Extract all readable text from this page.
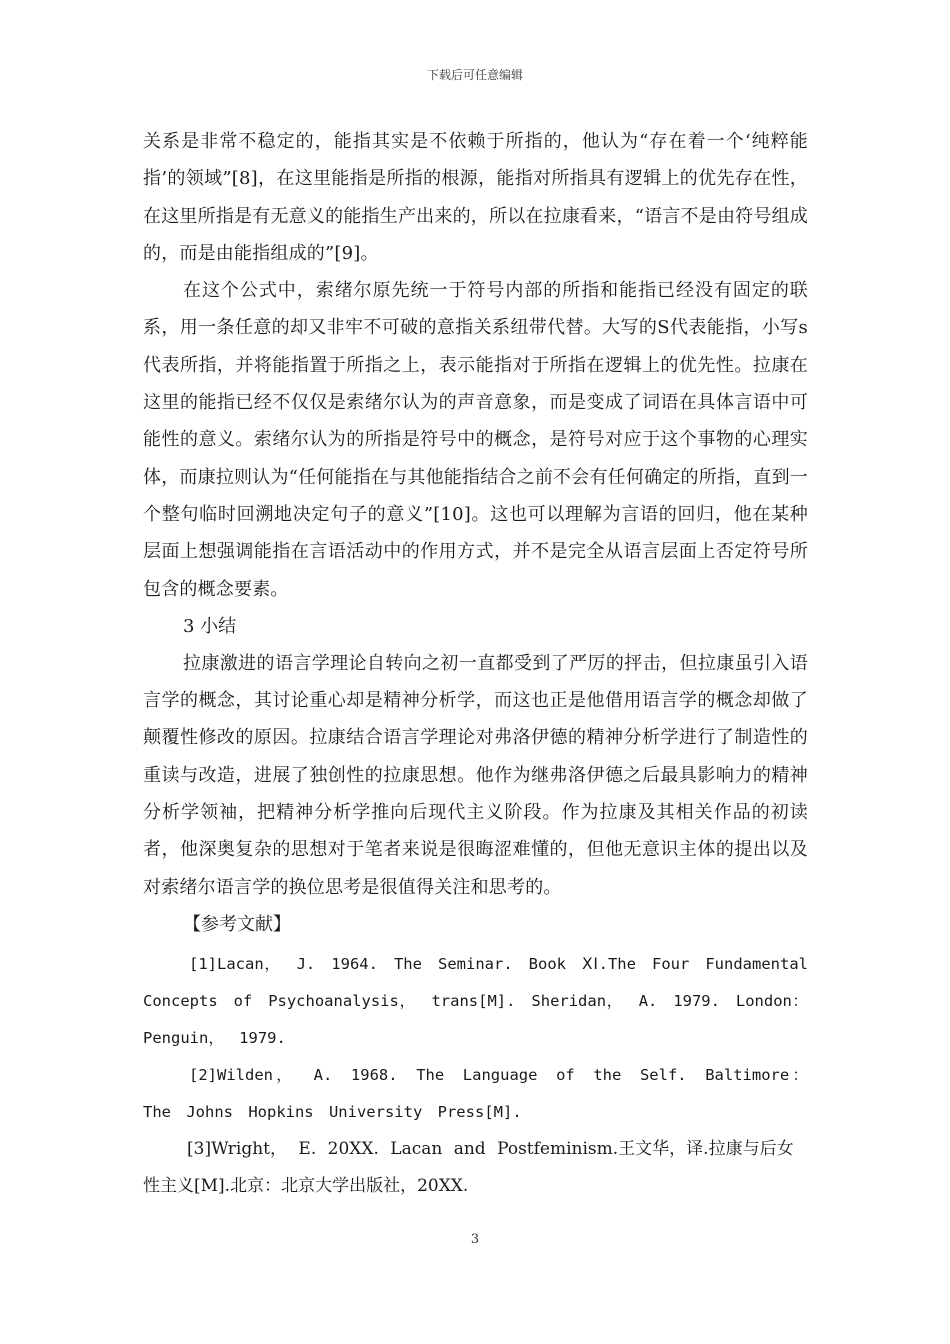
下载后可任意编辑

关系是非常不稳定的，能指其实是不依赖于所指的，他认为“存在着一个‘纯粹能指’的领域”[8]，在这里能指是所指的根源，能指对所指具有逻辑上的优先存在性，在这里所指是有无意义的能指生产出来的，所以在拉康看来，“语言不是由符号组成的，而是由能指组成的”[9]。

在这个公式中，索绪尔原先统一于符号内部的所指和能指已经没有固定的联系，用一条任意的却又非牢不可破的意指关系纽带代替。大写的S代表能指，小写s代表所指，并将能指置于所指之上，表示能指对于所指在逻辑上的优先性。拉康在这里的能指已经不仅仅是索绪尔认为的声音意象，而是变成了词语在具体言语中可能性的意义。索绪尔认为的所指是符号中的概念，是符号对应于这个事物的心理实体，而康拉则认为“任何能指在与其他能指结合之前不会有任何确定的所指，直到一个整句临时回溯地决定句子的意义”[10]。这也可以理解为言语的回归，他在某种层面上想强调能指在言语活动中的作用方式，并不是完全从语言层面上否定符号所包含的概念要素。

3 小结

拉康激进的语言学理论自转向之初一直都受到了严厉的抨击，但拉康虽引入语言学的概念，其讨论重心却是精神分析学，而这也正是他借用语言学的概念却做了颠覆性修改的原因。拉康结合语言学理论对弗洛伊德的精神分析学进行了制造性的重读与改造，进展了独创性的拉康思想。他作为继弗洛伊德之后最具影响力的精神分析学领袖，把精神分析学推向后现代主义阶段。作为拉康及其相关作品的初读者，他深奥复杂的思想对于笔者来说是很晦涩难懂的，但他无意识主体的提出以及对索绪尔语言学的换位思考是很值得关注和思考的。

【参考文献】

[1]Lacan， J. 1964. The Seminar. Book ⅩⅠ.The Four Fundamental Concepts of Psychoanalysis， trans[M]. Sheridan， A. 1979. London：Penguin， 1979.

[2]Wilden， A. 1968. The Language of the Self. Baltimore： The Johns Hopkins University Press[M].

[3]Wright， E. 20XX. Lacan and Postfeminism.王文华，译.拉康与后女性主义[M].北京：北京大学出版社，20XX.

3
